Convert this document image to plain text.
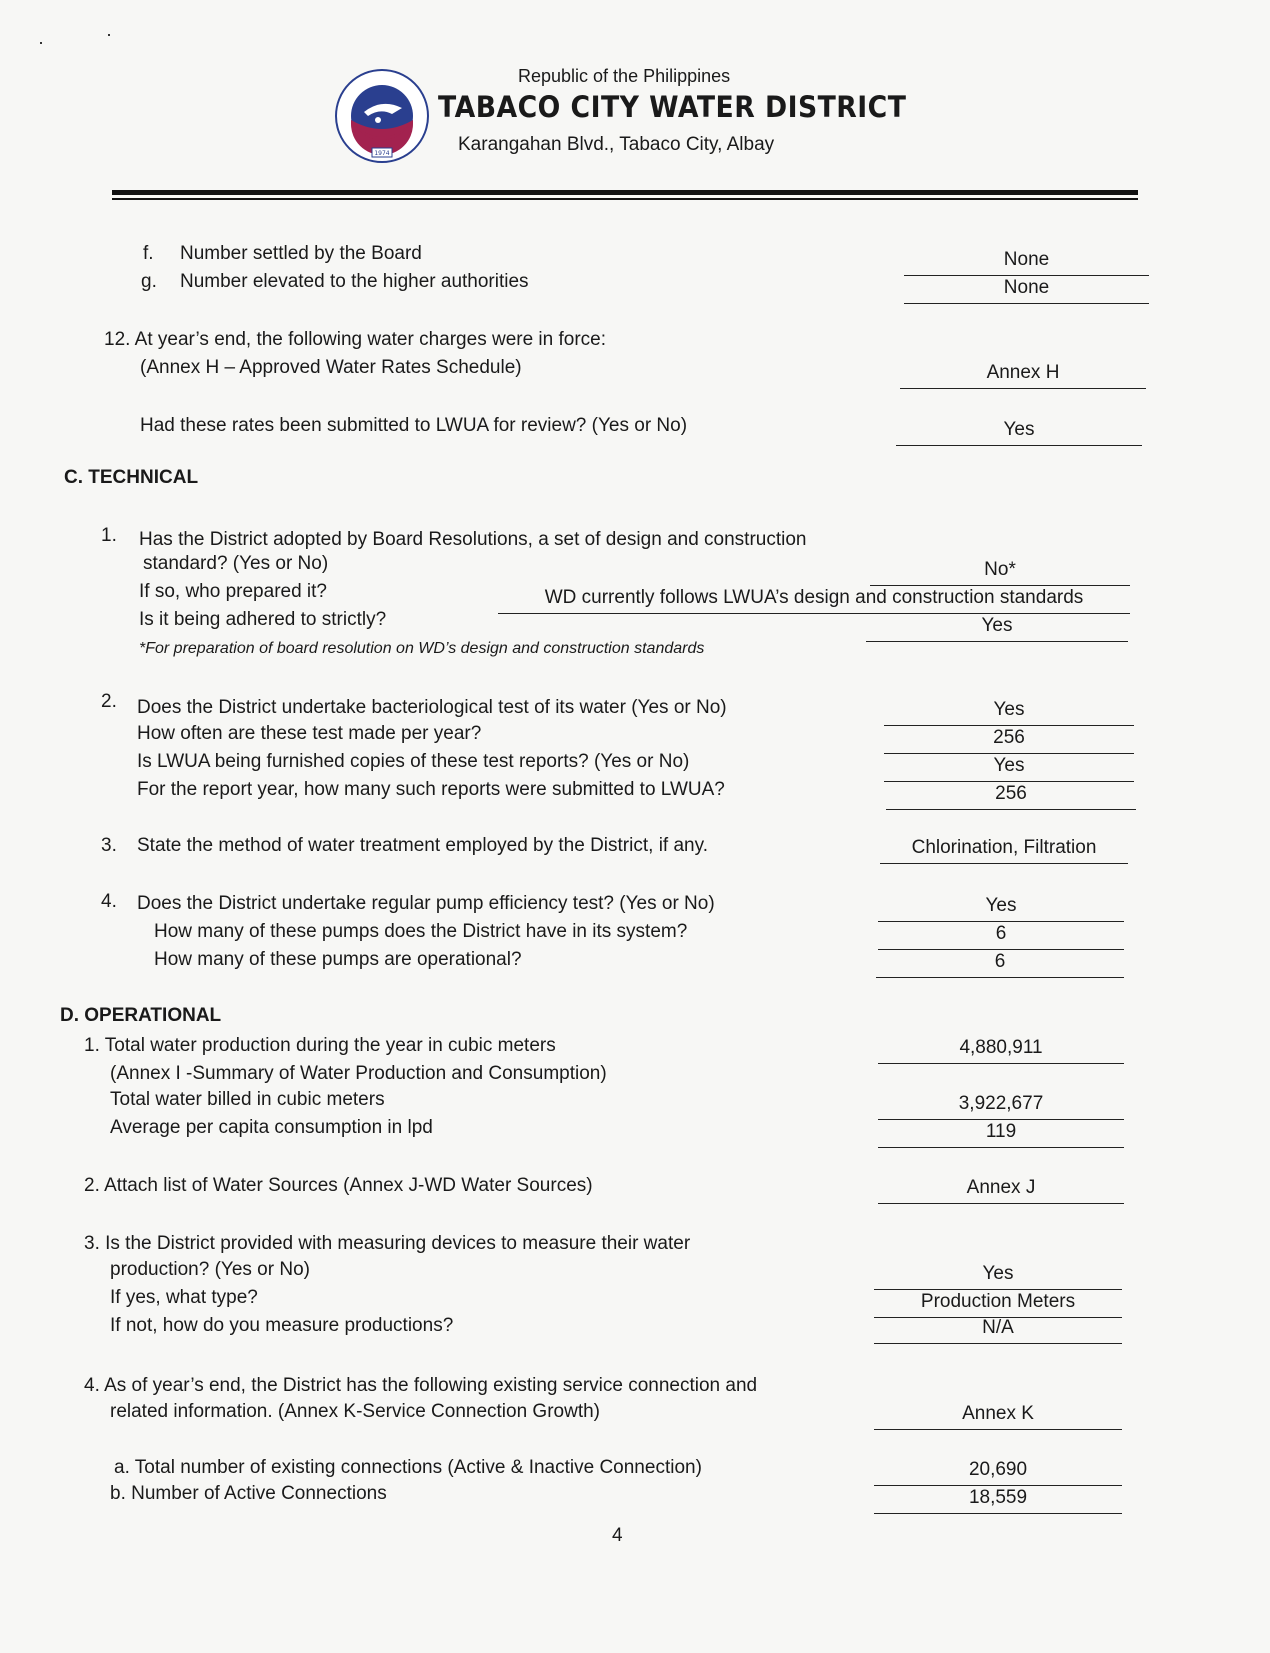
1974
Republic of the Philippines
TABACO CITY WATER DISTRICT
Karangahan Blvd., Tabaco City, Albay
f. Number settled by the Board	None
g. Number elevated to the higher authorities	None
12. At year’s end, the following water charges were in force:
(Annex H – Approved Water Rates Schedule)	Annex H
Had these rates been submitted to LWUA for review? (Yes or No)	Yes
C. TECHNICAL
1. Has the District adopted by Board Resolutions, a set of design and construction
standard? (Yes or No)	No*
If so, who prepared it?	WD currently follows LWUA’s design and construction standards
Is it being adhered to strictly?	Yes
*For preparation of board resolution on WD’s design and construction standards
2. Does the District undertake bacteriological test of its water (Yes or No)	Yes
How often are these test made per year?	256
Is LWUA being furnished copies of these test reports? (Yes or No)	Yes
For the report year, how many such reports were submitted to LWUA?	256
3. State the method of water treatment employed by the District, if any.	Chlorination, Filtration
4. Does the District undertake regular pump efficiency test? (Yes or No)	Yes
How many of these pumps does the District have in its system?	6
How many of these pumps are operational?	6
D. OPERATIONAL
1. Total water production during the year in cubic meters	4,880,911
(Annex I -Summary of Water Production and Consumption)
Total water billed in cubic meters	3,922,677
Average per capita consumption in lpd	119
2. Attach list of Water Sources (Annex J-WD Water Sources)	Annex J
3. Is the District provided with measuring devices to measure their water
production? (Yes or No)	Yes
If yes, what type?	Production Meters
If not, how do you measure productions?	N/A
4. As of year’s end, the District has the following existing service connection and
related information. (Annex K-Service Connection Growth)	Annex K
a. Total number of existing connections (Active & Inactive Connection)	20,690
b. Number of Active Connections	18,559
4
